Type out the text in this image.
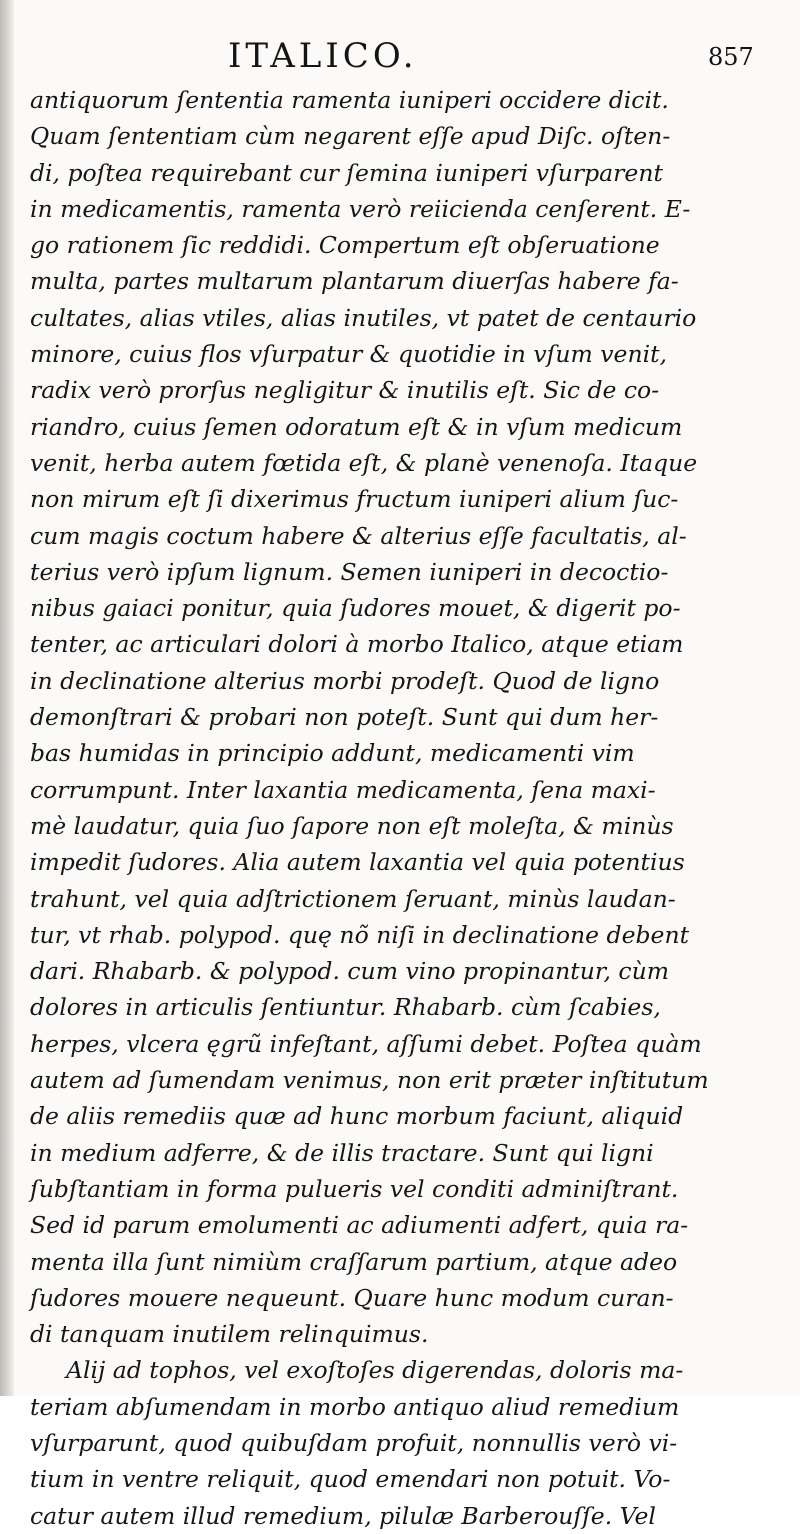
ITALICO.	857
antiquorum ſententia ramenta iuniperi occidere dicit.
Quam ſententiam cùm negarent eſſe apud Diſc. oſten-
di, poſtea requirebant cur ſemina iuniperi vſurparent
in medicamentis, ramenta verò reiicienda cenſerent. E-
go rationem ſic reddidi. Compertum eſt obſeruatione
multa, partes multarum plantarum diuerſas habere fa-
cultates, alias vtiles, alias inutiles, vt patet de centaurio
minore, cuius flos vſurpatur & quotidie in vſum venit,
radix verò prorſus negligitur & inutilis eſt. Sic de co-
riandro, cuius ſemen odoratum eſt & in vſum medicum
venit, herba autem fœtida eſt, & planè venenoſa. Itaque
non mirum eſt ſi dixerimus fructum iuniperi alium ſuc-
cum magis coctum habere & alterius eſſe facultatis, al-
terius verò ipſum lignum. Semen iuniperi in decoctio-
nibus gaiaci ponitur, quia ſudores mouet, & digerit po-
tenter, ac articulari dolori à morbo Italico, atque etiam
in declinatione alterius morbi prodeſt. Quod de ligno
demonſtrari & probari non poteſt. Sunt qui dum her-
bas humidas in principio addunt, medicamenti vim
corrumpunt. Inter laxantia medicamenta, ſena maxi-
mè laudatur, quia ſuo ſapore non eſt moleſta, & minùs
impedit ſudores. Alia autem laxantia vel quia potentius
trahunt, vel quia adſtrictionem ſeruant, minùs laudan-
tur, vt rhab. polypod. quę nõ niſi in declinatione debent
dari. Rhabarb. & polypod. cum vino propinantur, cùm
dolores in articulis ſentiuntur. Rhabarb. cùm ſcabies,
herpes, vlcera ęgrũ infeſtant, aſſumi debet. Poſtea quàm
autem ad ſumendam venimus, non erit præter inſtitutum
de aliis remediis quæ ad hunc morbum faciunt, aliquid
in medium adferre, & de illis tractare. Sunt qui ligni
ſubſtantiam in forma pulueris vel conditi adminiſtrant.
Sed id parum emolumenti ac adiumenti adfert, quia ra-
menta illa ſunt nimiùm craſſarum partium, atque adeo
ſudores mouere nequeunt. Quare hunc modum curan-
di tanquam inutilem relinquimus.
Alij ad tophos, vel exoſtoſes digerendas, doloris ma-
teriam abſumendam in morbo antiquo aliud remedium
vſurparunt, quod quibuſdam profuit, nonnullis verò vi-
tium in ventre reliquit, quod emendari non potuit. Vo-
catur autem illud remedium, pilulæ Barberouſſe. Vel
